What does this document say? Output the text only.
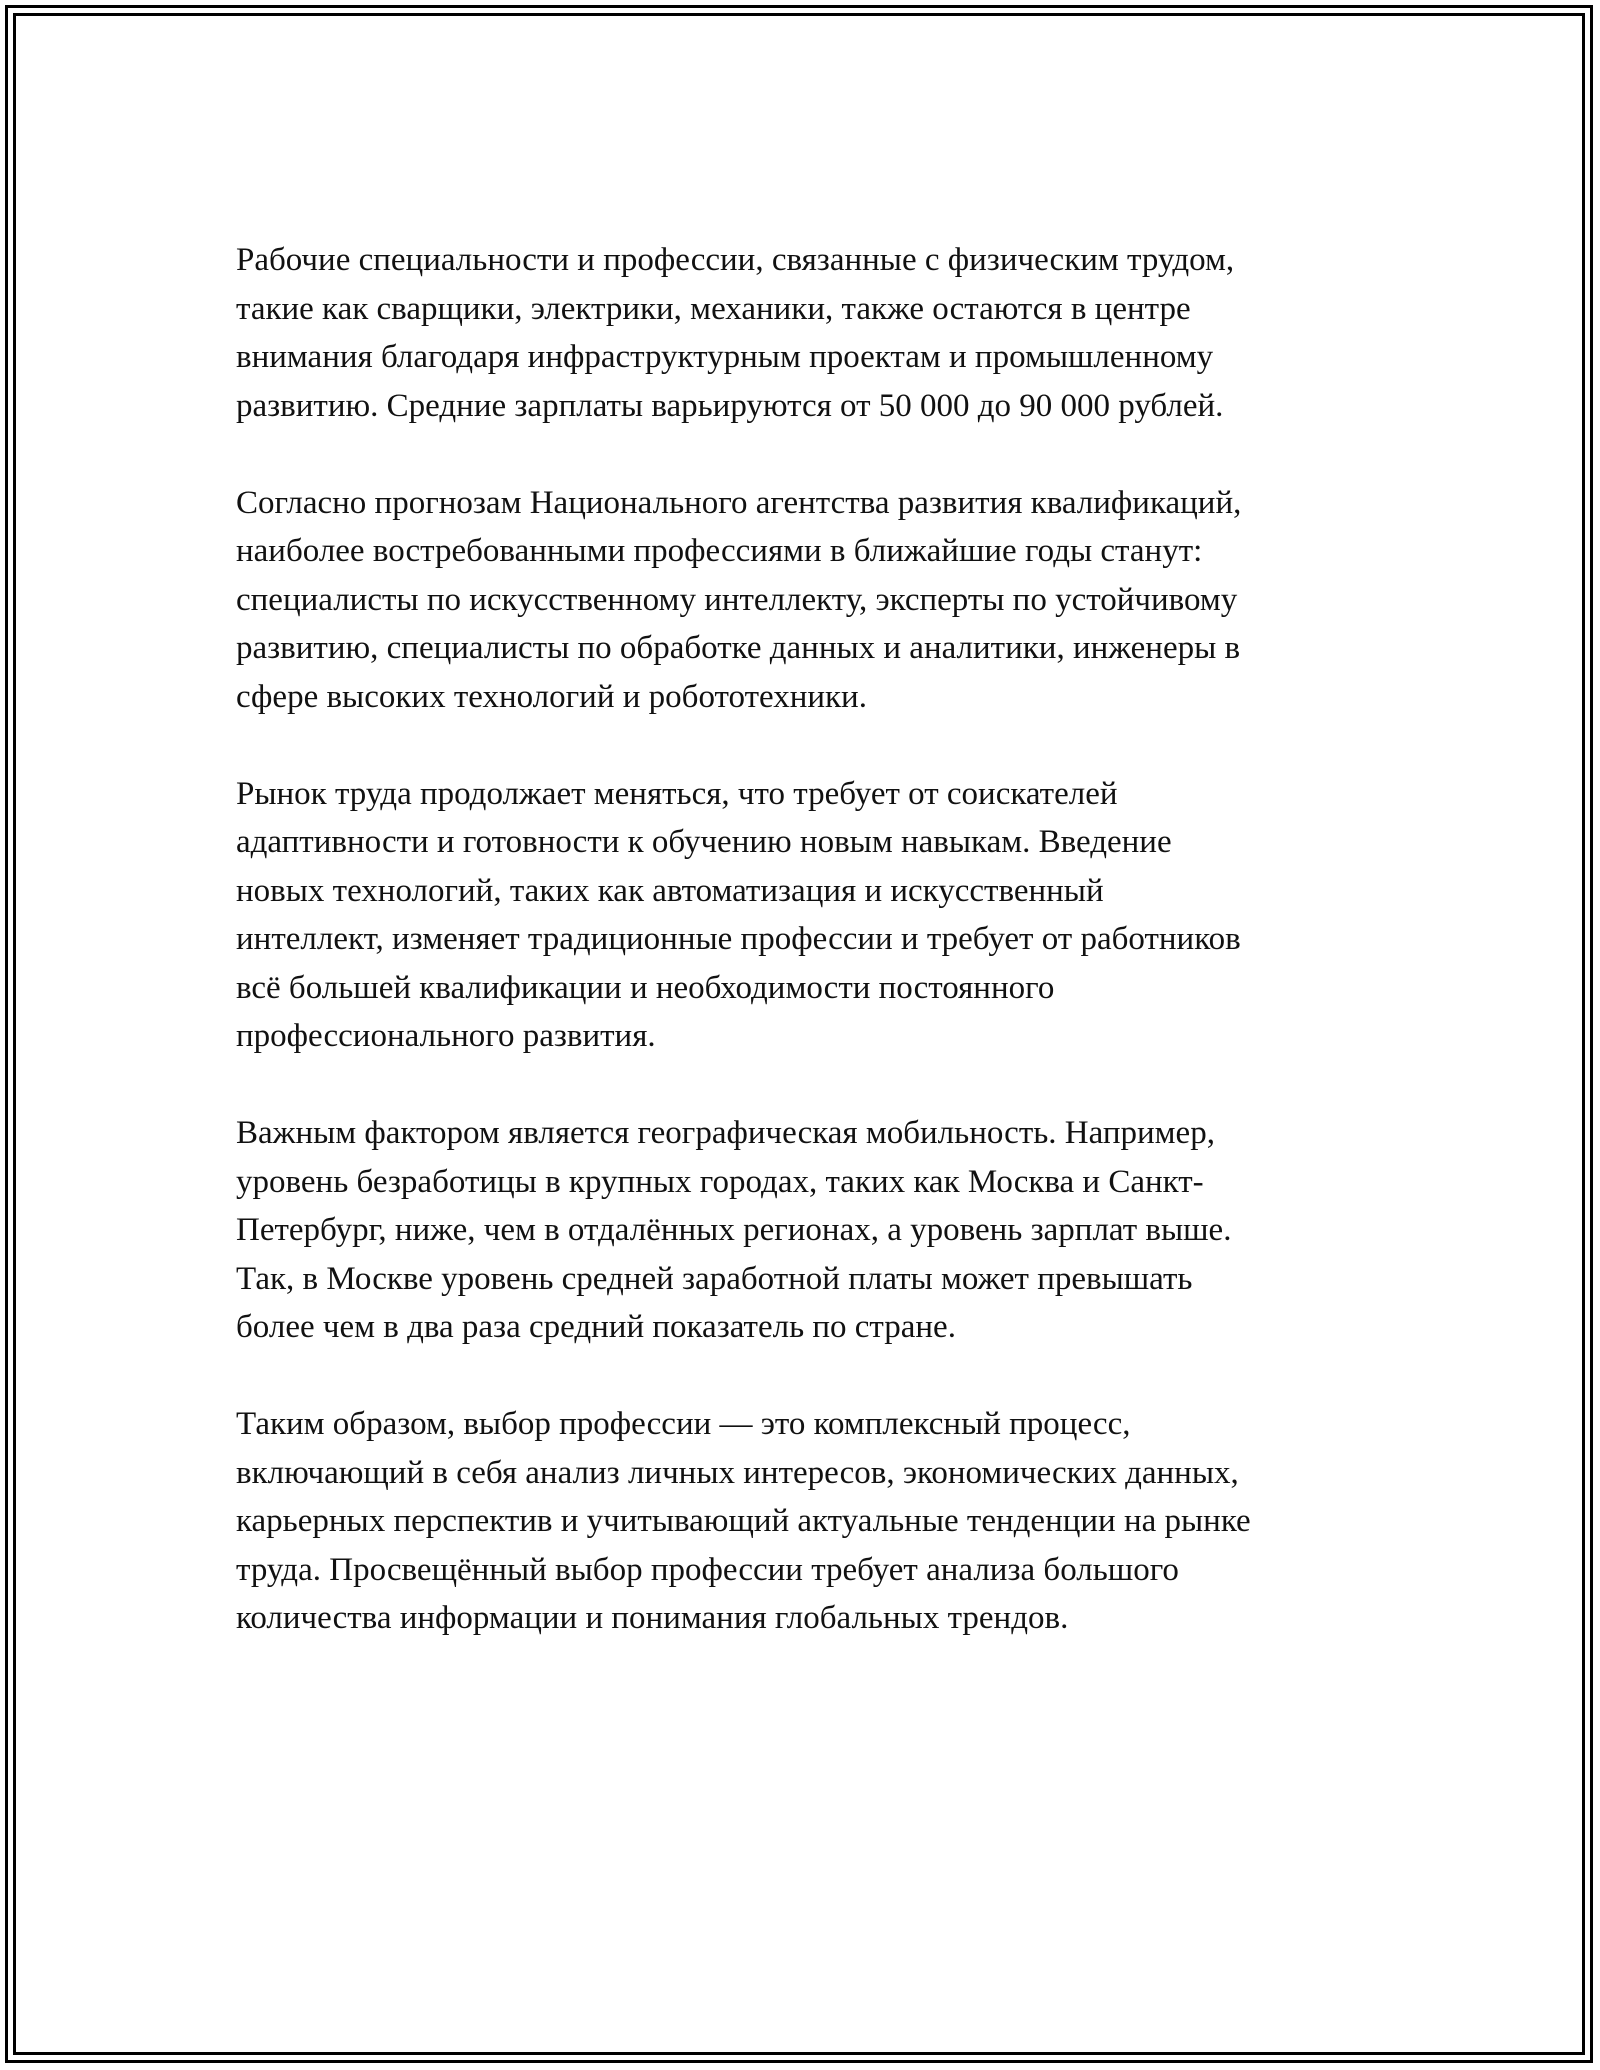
Рабочие специальности и профессии, связанные с физическим трудом,
такие как сварщики, электрики, механики, также остаются в центре
внимания благодаря инфраструктурным проектам и промышленному
развитию. Средние зарплаты варьируются от 50 000 до 90 000 рублей.

Согласно прогнозам Национального агентства развития квалификаций,
наиболее востребованными профессиями в ближайшие годы станут:
специалисты по искусственному интеллекту, эксперты по устойчивому
развитию, специалисты по обработке данных и аналитики, инженеры в
сфере высоких технологий и робототехники.

Рынок труда продолжает меняться, что требует от соискателей
адаптивности и готовности к обучению новым навыкам. Введение
новых технологий, таких как автоматизация и искусственный
интеллект, изменяет традиционные профессии и требует от работников
всё большей квалификации и необходимости постоянного
профессионального развития.

Важным фактором является географическая мобильность. Например,
уровень безработицы в крупных городах, таких как Москва и Санкт-
Петербург, ниже, чем в отдалённых регионах, а уровень зарплат выше.
Так, в Москве уровень средней заработной платы может превышать
более чем в два раза средний показатель по стране.

Таким образом, выбор профессии — это комплексный процесс,
включающий в себя анализ личных интересов, экономических данных,
карьерных перспектив и учитывающий актуальные тенденции на рынке
труда. Просвещённый выбор профессии требует анализа большого
количества информации и понимания глобальных трендов.
